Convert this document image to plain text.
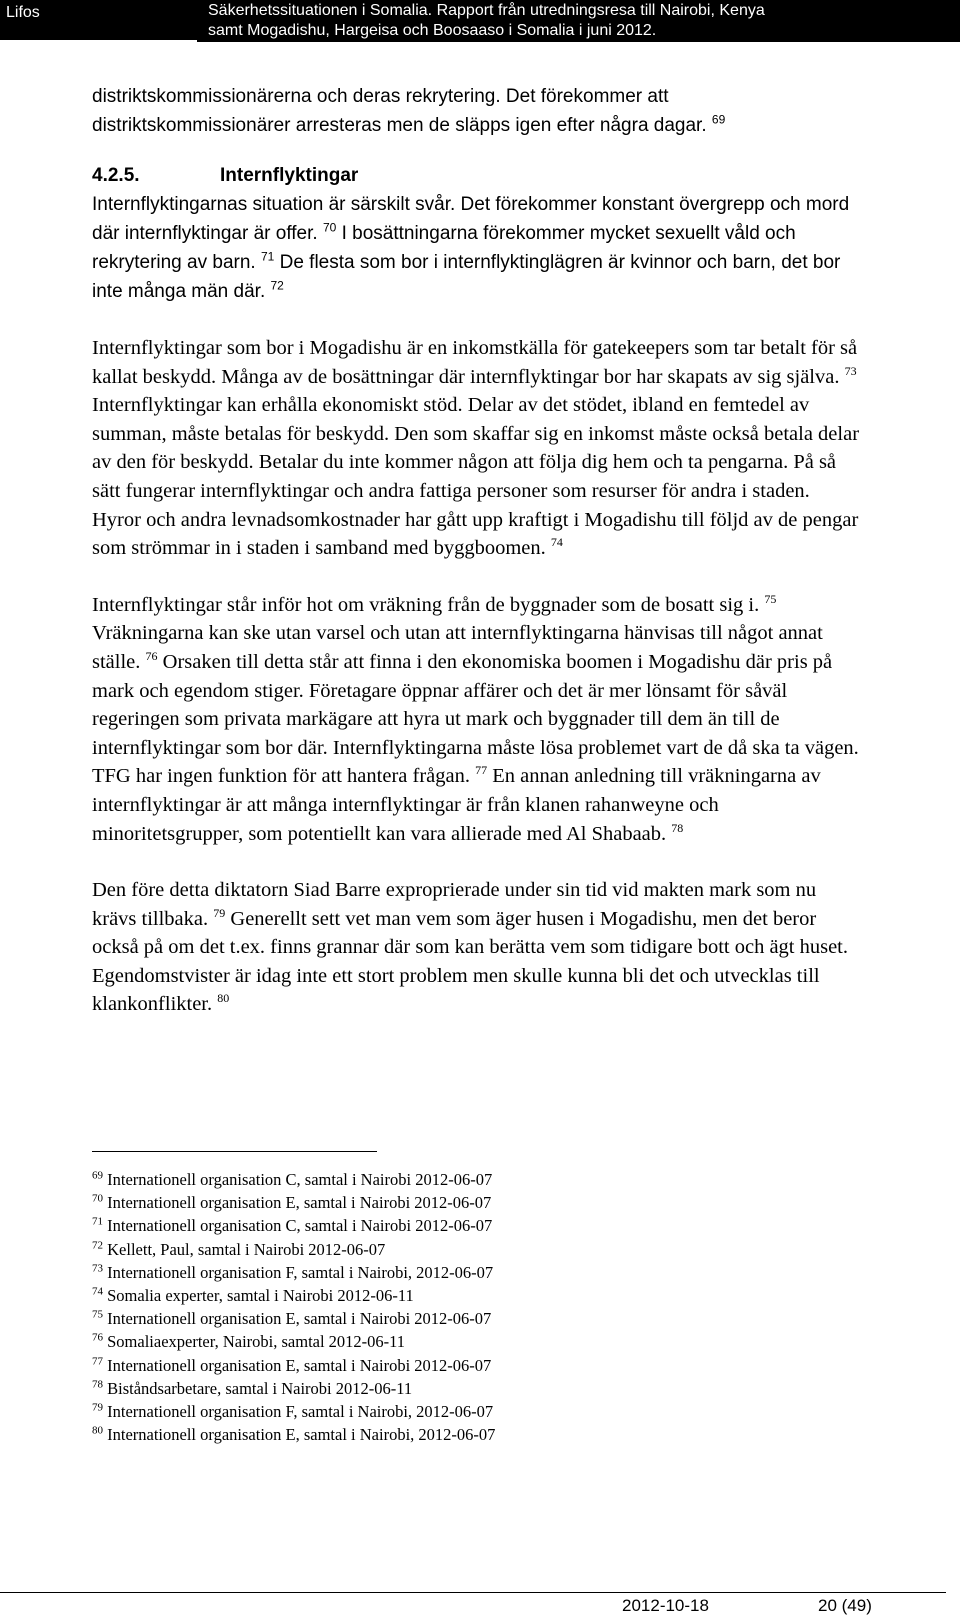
Lifos	Säkerhetssituationen i Somalia. Rapport från utredningsresa till Nairobi, Kenya
samt Mogadishu, Hargeisa och Boosaaso i Somalia i juni 2012.

distriktskommissionärerna och deras rekrytering. Det förekommer att distriktskommissionärer arresteras men de släpps igen efter några dagar. $^{69}$

4.2.5.	Internflyktingar

Internflyktingarnas situation är särskilt svår. Det förekommer konstant övergrepp och mord där internflyktingar är offer. $^{70}$ I bosättningarna förekommer mycket sexuellt våld och rekrytering av barn. $^{71}$ De flesta som bor i internflyktinglägren är kvinnor och barn, det bor inte många män där. $^{72}$

Internflyktingar som bor i Mogadishu är en inkomstkälla för gatekeepers som tar betalt för så kallat beskydd. Många av de bosättningar där internflyktingar bor har skapats av sig själva. $^{73}$ Internflyktingar kan erhålla ekonomiskt stöd. Delar av det stödet, ibland en femtedel av summan, måste betalas för beskydd. Den som skaffar sig en inkomst måste också betala delar av den för beskydd. Betalar du inte kommer någon att följa dig hem och ta pengarna. På så sätt fungerar internflyktingar och andra fattiga personer som resurser för andra i staden. Hyror och andra levnadsomkostnader har gått upp kraftigt i Mogadishu till följd av de pengar som strömmar in i staden i samband med byggboomen. $^{74}$

Internflyktingar står inför hot om vräkning från de byggnader som de bosatt sig i. $^{75}$ Vräkningarna kan ske utan varsel och utan att internflyktingarna hänvisas till något annat ställe. $^{76}$ Orsaken till detta står att finna i den ekonomiska boomen i Mogadishu där pris på mark och egendom stiger. Företagare öppnar affärer och det är mer lönsamt för såväl regeringen som privata markägare att hyra ut mark och byggnader till dem än till de internflyktingar som bor där. Internflyktingarna måste lösa problemet vart de då ska ta vägen. TFG har ingen funktion för att hantera frågan. $^{77}$ En annan anledning till vräkningarna av internflyktingar är att många internflyktingar är från klanen rahanweyne och minoritetsgrupper, som potentiellt kan vara allierade med Al Shabaab. $^{78}$

Den före detta diktatorn Siad Barre exproprierade under sin tid vid makten mark som nu krävs tillbaka. $^{79}$ Generellt sett vet man vem som äger husen i Mogadishu, men det beror också på om det t.ex. finns grannar där som kan berätta vem som tidigare bott och ägt huset. Egendomstvister är idag inte ett stort problem men skulle kunna bli det och utvecklas till klankonflikter. $^{80}$

$^{69}$ Internationell organisation C, samtal i Nairobi 2012-06-07
$^{70}$ Internationell organisation E, samtal i Nairobi 2012-06-07
$^{71}$ Internationell organisation C, samtal i Nairobi 2012-06-07
$^{72}$ Kellett, Paul, samtal i Nairobi 2012-06-07
$^{73}$ Internationell organisation F, samtal i Nairobi, 2012-06-07
$^{74}$ Somalia experter, samtal i Nairobi 2012-06-11
$^{75}$ Internationell organisation E, samtal i Nairobi 2012-06-07
$^{76}$ Somaliaexperter, Nairobi, samtal 2012-06-11
$^{77}$ Internationell organisation E, samtal i Nairobi 2012-06-07
$^{78}$ Biståndsarbetare, samtal i Nairobi 2012-06-11
$^{79}$ Internationell organisation F, samtal i Nairobi, 2012-06-07
$^{80}$ Internationell organisation E, samtal i Nairobi, 2012-06-07
2012-10-18	20 (49)
